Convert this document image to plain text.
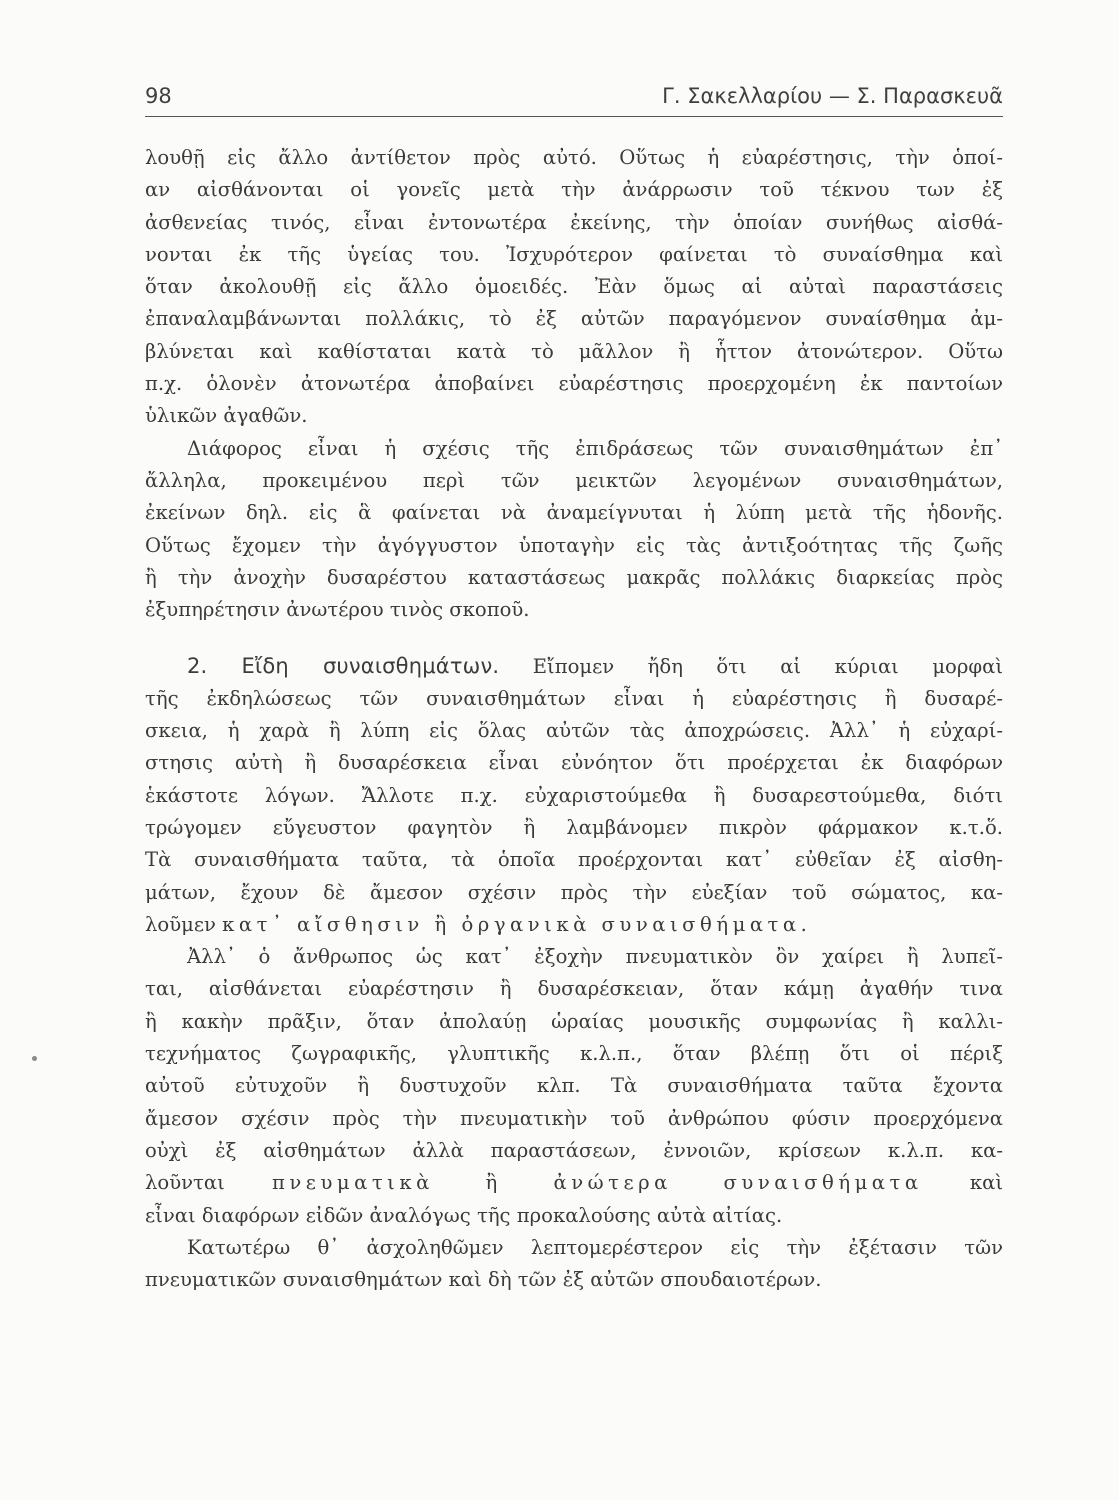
98	Γ. Σακελλαρίου — Σ. Παρασκευᾶ
λουθῇ εἰς ἄλλο ἀντίθετον πρὸς αὐτό. Οὕτως ἡ εὐαρέστησις, τὴν ὁποί-
αν αἰσθάνονται οἱ γονεῖς μετὰ τὴν ἀνάρρωσιν τοῦ τέκνου των ἐξ
ἀσθενείας τινός, εἶναι ἐντονωτέρα ἐκείνης, τὴν ὁποίαν συνήθως αἰσθά-
νονται ἐκ τῆς ὑγείας του. Ἰσχυρότερον φαίνεται τὸ συναίσθημα καὶ
ὅταν ἀκολουθῇ εἰς ἄλλο ὁμοειδές. Ἐὰν ὅμως αἱ αὐταὶ παραστάσεις
ἐπαναλαμβάνωνται πολλάκις, τὸ ἐξ αὐτῶν παραγόμενον συναίσθημα ἀμ-
βλύνεται καὶ καθίσταται κατὰ τὸ μᾶλλον ἢ ἧττον ἀτονώτερον. Οὕτω
π.χ. ὁλονὲν ἀτονωτέρα ἀποβαίνει εὐαρέστησις προερχομένη ἐκ παντοίων
ὑλικῶν ἀγαθῶν.
Διάφορος εἶναι ἡ σχέσις τῆς ἐπιδράσεως τῶν συναισθημάτων ἐπ᾿
ἄλληλα, προκειμένου περὶ τῶν μεικτῶν λεγομένων συναισθημάτων,
ἐκείνων δηλ. εἰς ἃ φαίνεται νὰ ἀναμείγνυται ἡ λύπη μετὰ τῆς ἡδονῆς.
Οὕτως ἔχομεν τὴν ἀγόγγυστον ὑποταγὴν εἰς τὰς ἀντιξοότητας τῆς ζωῆς
ἢ τὴν ἀνοχὴν δυσαρέστου καταστάσεως μακρᾶς πολλάκις διαρκείας πρὸς
ἐξυπηρέτησιν ἀνωτέρου τινὸς σκοποῦ.
2. Εἴδη συναισθημάτων. Εἴπομεν ἤδη ὅτι αἱ κύριαι μορφαὶ
τῆς ἐκδηλώσεως τῶν συναισθημάτων εἶναι ἡ εὐαρέστησις ἢ δυσαρέ-
σκεια, ἡ χαρὰ ἢ λύπη εἰς ὅλας αὐτῶν τὰς ἀποχρώσεις. Ἀλλ᾿ ἡ εὐχαρί-
στησις αὐτὴ ἢ δυσαρέσκεια εἶναι εὐνόητον ὅτι προέρχεται ἐκ διαφόρων
ἑκάστοτε λόγων. Ἄλλοτε π.χ. εὐχαριστούμεθα ἢ δυσαρεστούμεθα, διότι
τρώγομεν εὔγευστον φαγητὸν ἢ λαμβάνομεν πικρὸν φάρμακον κ.τ.ὅ.
Τὰ συναισθήματα ταῦτα, τὰ ὁποῖα προέρχονται κατ᾿ εὐθεῖαν ἐξ αἰσθη-
μάτων, ἔχουν δὲ ἄμεσον σχέσιν πρὸς τὴν εὐεξίαν τοῦ σώματος, κα-
λοῦμεν κατ᾿ αἴσθησιν ἢ ὀργανικὰ συναισθήματα.
Ἀλλ᾿ ὁ ἄνθρωπος ὡς κατ᾿ ἐξοχὴν πνευματικὸν ὂν χαίρει ἢ λυπεῖ-
ται, αἰσθάνεται εὐαρέστησιν ἢ δυσαρέσκειαν, ὅταν κάμῃ ἀγαθήν τινα
ἢ κακὴν πρᾶξιν, ὅταν ἀπολαύῃ ὡραίας μουσικῆς συμφωνίας ἢ καλλι-
τεχνήματος ζωγραφικῆς, γλυπτικῆς κ.λ.π., ὅταν βλέπῃ ὅτι οἱ πέριξ
αὐτοῦ εὐτυχοῦν ἢ δυστυχοῦν κλπ. Τὰ συναισθήματα ταῦτα ἔχοντα
ἄμεσον σχέσιν πρὸς τὴν πνευματικὴν τοῦ ἀνθρώπου φύσιν προερχόμενα
οὐχὶ ἐξ αἰσθημάτων ἀλλὰ παραστάσεων, ἐννοιῶν, κρίσεων κ.λ.π. κα-
λοῦνται πνευματικὰ ἢ ἀνώτερα συναισθήματα καὶ
εἶναι διαφόρων εἰδῶν ἀναλόγως τῆς προκαλούσης αὐτὰ αἰτίας.
Κατωτέρω θ᾿ ἀσχοληθῶμεν λεπτομερέστερον εἰς τὴν ἐξέτασιν τῶν
πνευματικῶν συναισθημάτων καὶ δὴ τῶν ἐξ αὐτῶν σπουδαιοτέρων.
